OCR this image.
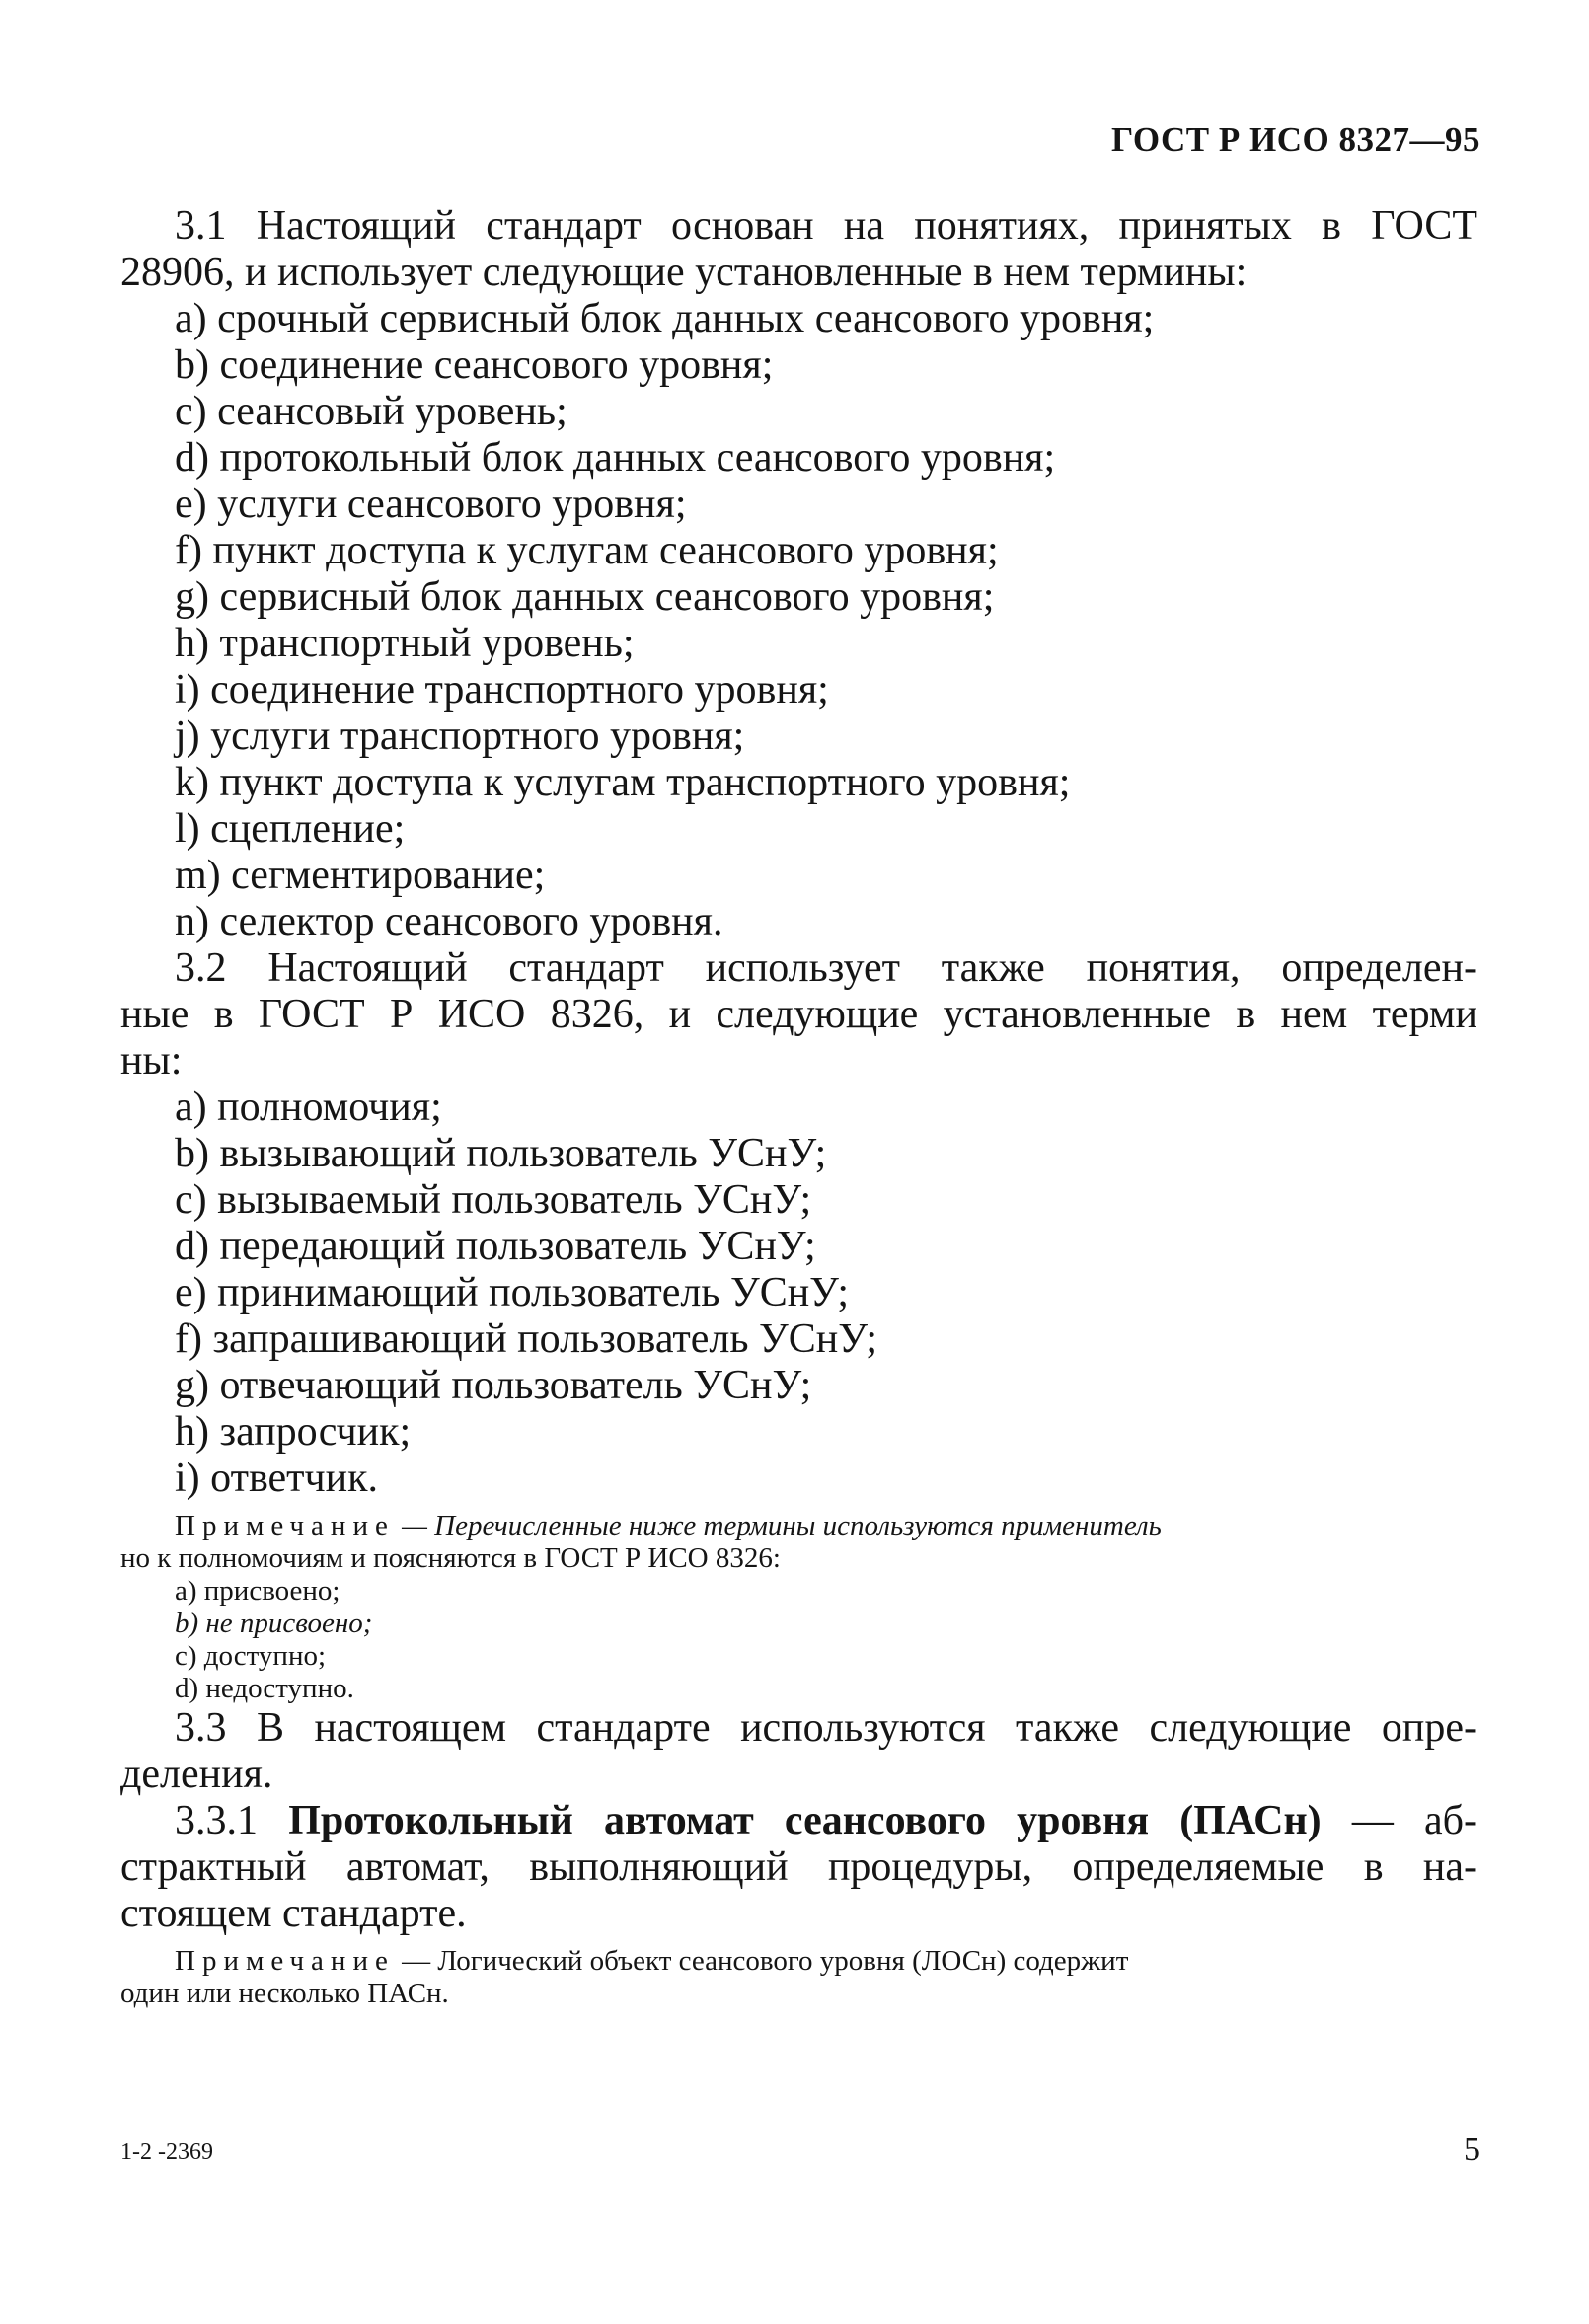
ГОСТ Р ИСО 8327—95
3.1 Настоящий стандарт основан на понятиях, принятых в ГОСТ
28906, и использует следующие установленные в нем термины:
a) срочный сервисный блок данных сеансового уровня;
b) соединение сеансового уровня;
c) сеансовый уровень;
d) протокольный блок данных сеансового уровня;
e) услуги сеансового уровня;
f) пункт доступа к услугам сеансового уровня;
g) сервисный блок данных сеансового уровня;
h) транспортный уровень;
i) соединение транспортного уровня;
j) услуги транспортного уровня;
k) пункт доступа к услугам транспортного уровня;
l) сцепление;
m) сегментирование;
n) селектор сеансового уровня.
3.2 Настоящий стандарт использует также понятия, определен-
ные в ГОСТ Р ИСО 8326, и следующие установленные в нем терми
ны:
a) полномочия;
b) вызывающий пользователь УСнУ;
c) вызываемый пользователь УСнУ;
d) передающий пользователь УСнУ;
e) принимающий пользователь УСнУ;
f) запрашивающий пользователь УСнУ;
g) отвечающий пользователь УСнУ;
h) запросчик;
i) ответчик.
Примечание — Перечисленные ниже термины используются применитель
но к полномочиям и поясняются в ГОСТ Р ИСО 8326:
a) присвоено;
b) не присвоено;
c) доступно;
d) недоступно.
3.3 В настоящем стандарте используются также следующие опре-
деления.
3.3.1 Протокольный автомат сеансового уровня (ПАСн) — аб-
страктный автомат, выполняющий процедуры, определяемые в на-
стоящем стандарте.
Примечание — Логический объект сеансового уровня (ЛОСн) содержит
один или несколько ПАСн.
1-2 -2369	5
